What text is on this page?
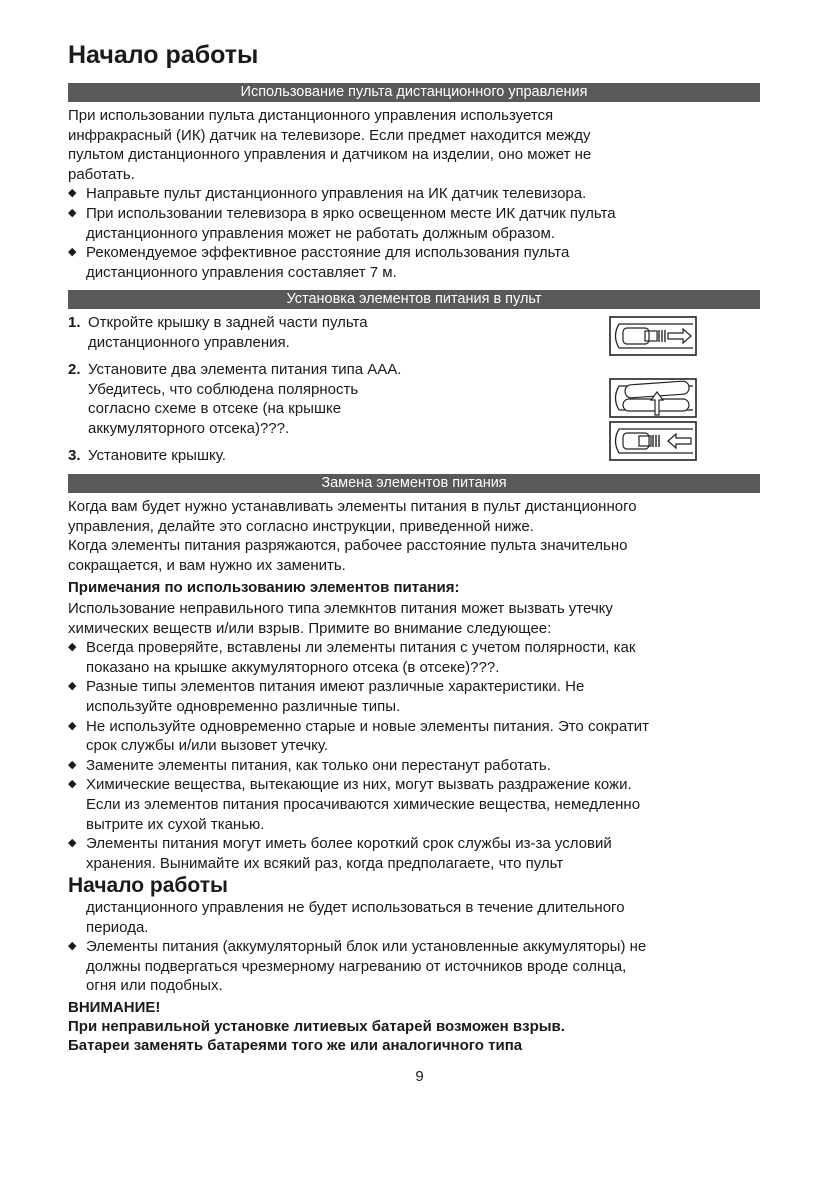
Начало работы
Использование пульта дистанционного управления
При использовании пульта дистанционного управления используется
инфракрасный (ИК) датчик на телевизоре. Если предмет находится между
пультом дистанционного управления и датчиком на изделии, оно может не
работать.
◆ Направьте пульт дистанционного управления на ИК датчик телевизора.
◆ При использовании телевизора в ярко освещенном месте ИК датчик пульта
дистанционного управления может не работать должным образом.
◆ Рекомендуемое эффективное расстояние для использования пульта
дистанционного управления составляет 7 м.
Установка элементов питания в пульт
1. Откройте крышку в задней части пульта
дистанционного управления.
2. Установите два элемента питания типа AAA.
Убедитесь, что соблюдена полярность
согласно схеме в отсеке (на крышке
аккумуляторного отсека)???.
3. Установите крышку.
Замена элементов питания
Когда вам будет нужно устанавливать элементы питания в пульт дистанционного
управления, делайте это согласно инструкции, приведенной ниже.
Когда элементы питания разряжаются, рабочее расстояние пульта значительно
сокращается, и вам нужно их заменить.
Примечания по использованию элементов питания:
Использование неправильного типа элемкнтов питания может вызвать утечку
химических веществ и/или взрыв. Примите во внимание следующее:
◆ Всегда проверяйте, вставлены ли элементы питания с учетом полярности, как
показано на крышке аккумуляторного отсека (в отсеке)???.
◆ Разные типы элементов питания имеют различные характеристики. Не
используйте одновременно различные типы.
◆ Не используйте одновременно старые и новые элементы питания. Это сократит
срок службы и/или вызовет утечку.
◆ Замените элементы питания, как только они перестанут работать.
◆ Химические вещества, вытекающие из них, могут вызвать раздражение кожи.
Если из элементов питания просачиваются химические вещества, немедленно
вытрите их сухой тканью.
◆ Элементы питания могут иметь более короткий срок службы из-за условий
хранения. Вынимайте их всякий раз, когда предполагаете, что пульт
Начало работы
дистанционного управления не будет использоваться в течение длительного
периода.
◆ Элементы питания (аккумуляторный блок или установленные аккумуляторы) не
должны подвергаться чрезмерному нагреванию от источников вроде солнца,
огня или подобных.
ВНИМАНИЕ!
При неправильной установке литиевых батарей возможен взрыв.
Батареи заменять батареями того же или аналогичного типа
9
